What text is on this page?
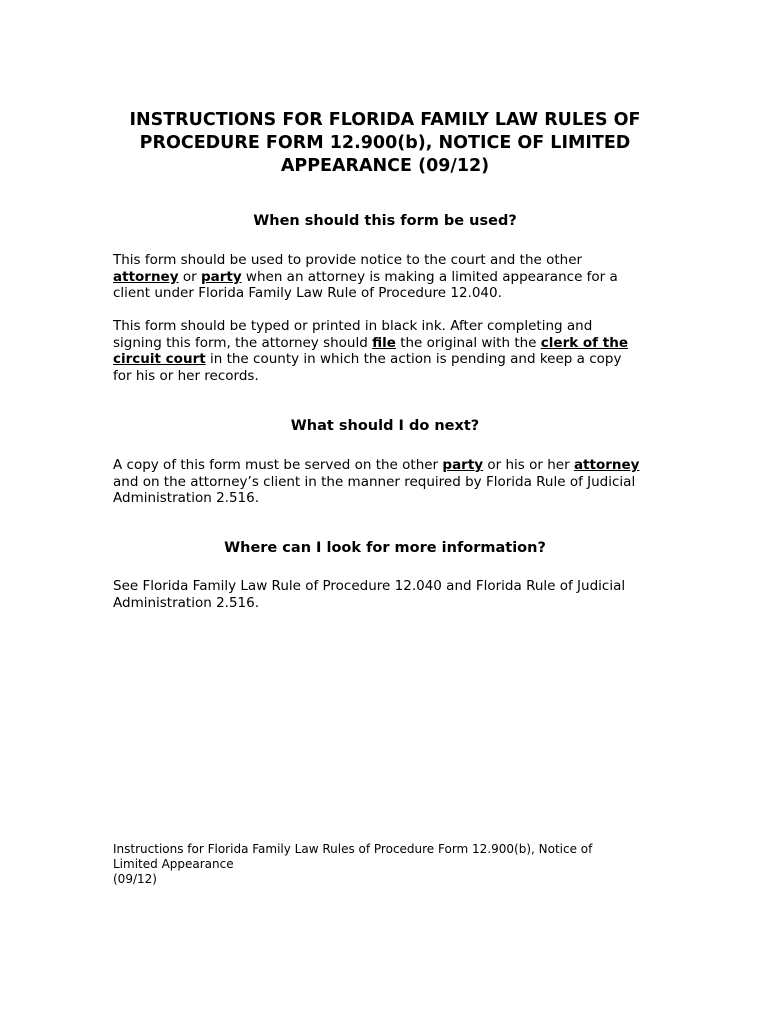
INSTRUCTIONS FOR FLORIDA FAMILY LAW RULES OF
PROCEDURE FORM 12.900(b), NOTICE OF LIMITED
APPEARANCE (09/12)
When should this form be used?

This form should be used to provide notice to the court and the other
attorney or party when an attorney is making a limited appearance for a
client under Florida Family Law Rule of Procedure 12.040.

This form should be typed or printed in black ink. After completing and
signing this form, the attorney should file the original with the clerk of the
circuit court in the county in which the action is pending and keep a copy
for his or her records.

What should I do next?

A copy of this form must be served on the other party or his or her attorney
and on the attorney’s client in the manner required by Florida Rule of Judicial
Administration 2.516.

Where can I look for more information?

See Florida Family Law Rule of Procedure 12.040 and Florida Rule of Judicial
Administration 2.516.

Instructions for Florida Family Law Rules of Procedure Form 12.900(b), Notice of
Limited Appearance
(09/12)
